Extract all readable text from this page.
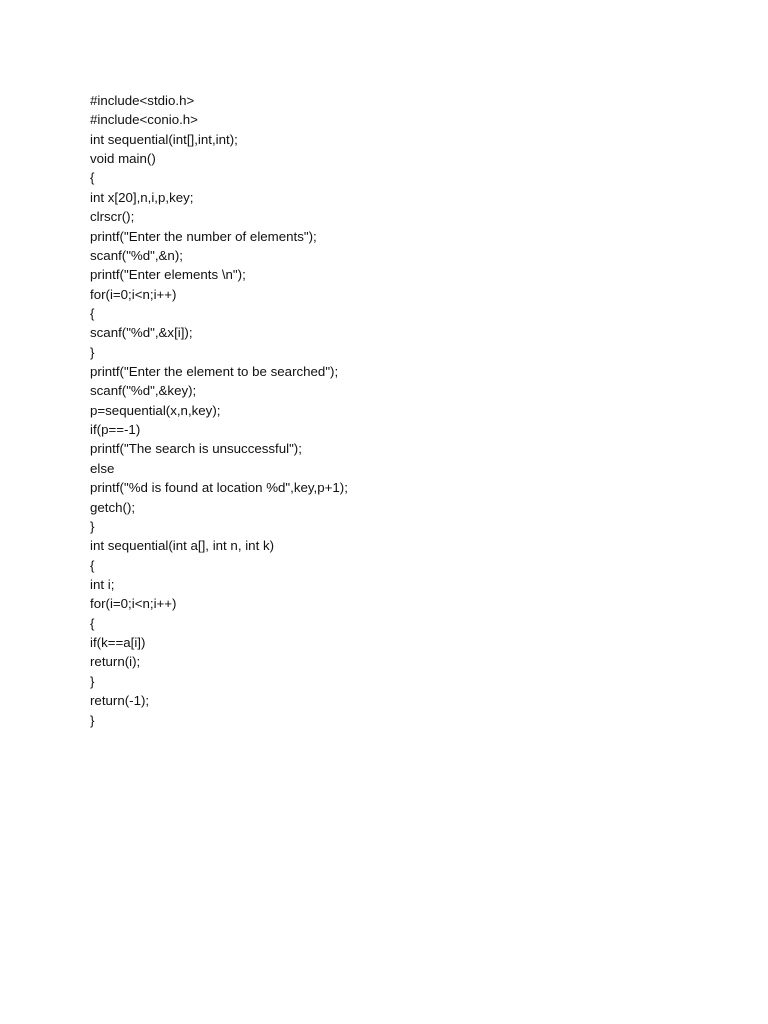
#include<stdio.h>
#include<conio.h>
int sequential(int[],int,int);
void main()
{
int x[20],n,i,p,key;
clrscr();
printf("Enter the number of elements");
scanf("%d",&n);
printf("Enter elements \n");
for(i=0;i<n;i++)
{
scanf("%d",&x[i]);
}
printf("Enter the element to be searched");
scanf("%d",&key);
p=sequential(x,n,key);
if(p==-1)
printf("The search is unsuccessful");
else
printf("%d is found at location %d",key,p+1);
getch();
}
int sequential(int a[], int n, int k)
{
int i;
for(i=0;i<n;i++)
{
if(k==a[i])
return(i);
}
return(-1);
}
